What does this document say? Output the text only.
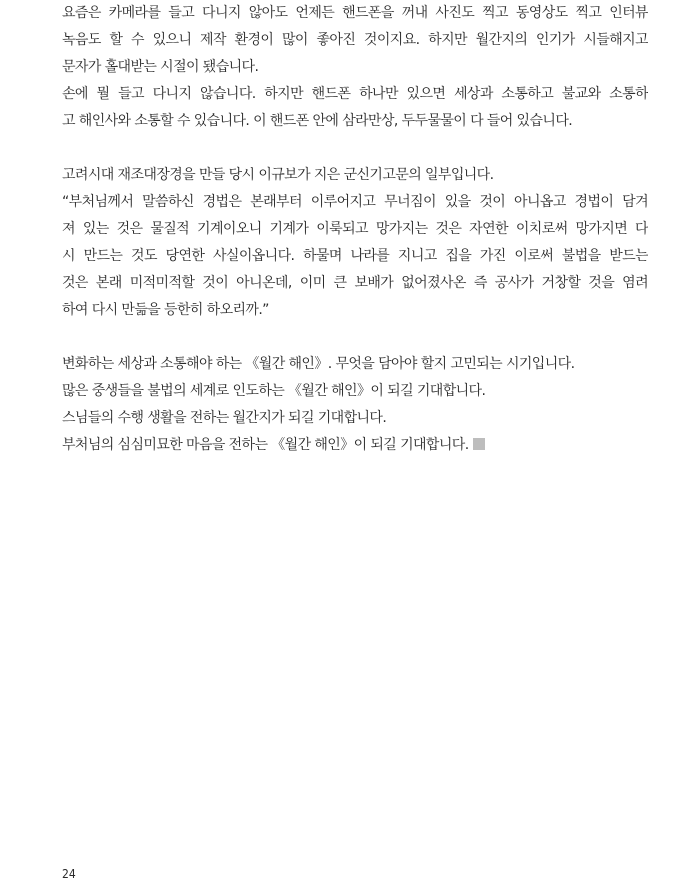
요즘은 카메라를 들고 다니지 않아도 언제든 핸드폰을 꺼내 사진도 찍고 동영상도 찍고 인터뷰
녹음도 할 수 있으니 제작 환경이 많이 좋아진 것이지요. 하지만 월간지의 인기가 시들해지고
문자가 홀대받는 시절이 됐습니다.
손에 뭘 들고 다니지 않습니다. 하지만 핸드폰 하나만 있으면 세상과 소통하고 불교와 소통하
고 해인사와 소통할 수 있습니다. 이 핸드폰 안에 삼라만상, 두두물물이 다 들어 있습니다.
고려시대 재조대장경을 만들 당시 이규보가 지은 군신기고문의 일부입니다.
“부처님께서 말씀하신 경법은 본래부터 이루어지고 무너짐이 있을 것이 아니옵고 경법이 담겨
져 있는 것은 물질적 기계이오니 기계가 이룩되고 망가지는 것은 자연한 이치로써 망가지면 다
시 만드는 것도 당연한 사실이옵니다. 하물며 나라를 지니고 집을 가진 이로써 불법을 받드는
것은 본래 미적미적할 것이 아니온데, 이미 큰 보배가 없어졌사온 즉 공사가 거창할 것을 염려
하여 다시 만듦을 등한히 하오리까.”
변화하는 세상과 소통해야 하는 《월간 해인》. 무엇을 담아야 할지 고민되는 시기입니다.
많은 중생들을 불법의 세계로 인도하는 《월간 해인》이 되길 기대합니다.
스님들의 수행 생활을 전하는 월간지가 되길 기대합니다.
부처님의 심심미묘한 마음을 전하는 《월간 해인》이 되길 기대합니다.
24
